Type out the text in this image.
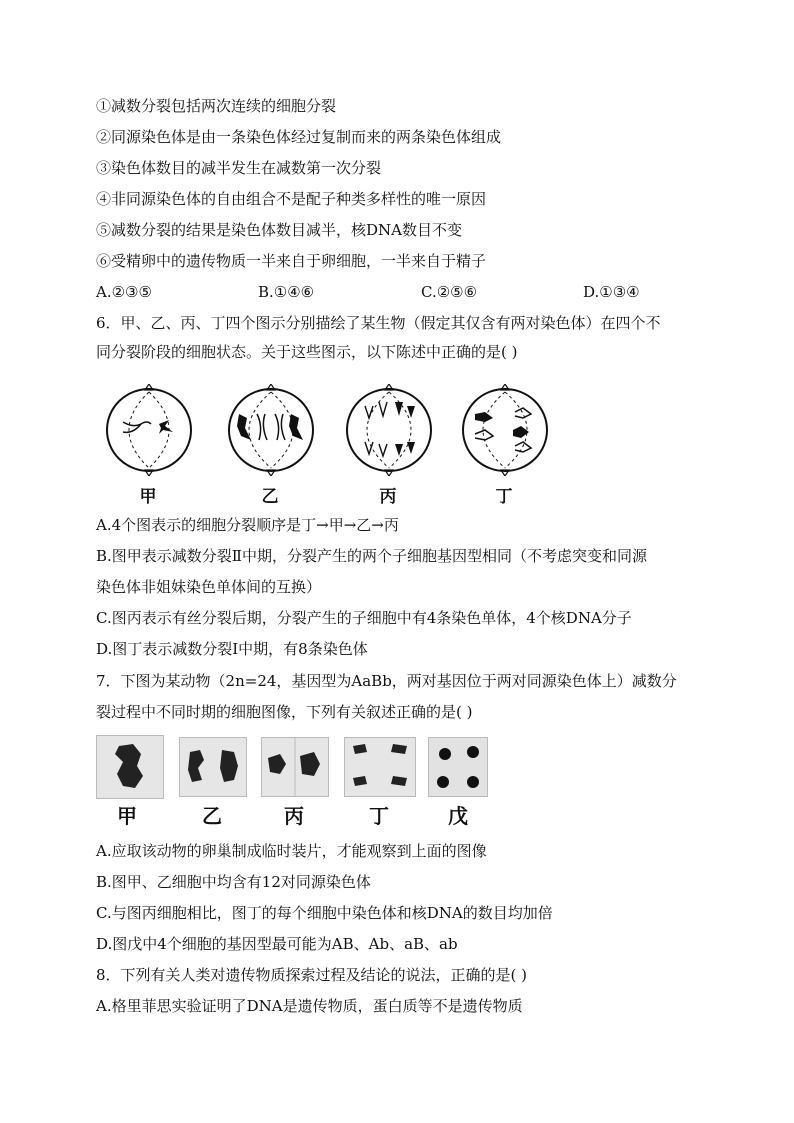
①减数分裂包括两次连续的细胞分裂
②同源染色体是由一条染色体经过复制而来的两条染色体组成
③染色体数目的减半发生在减数第一次分裂
④非同源染色体的自由组合不是配子种类多样性的唯一原因
⑤减数分裂的结果是染色体数目减半，核DNA数目不变
⑥受精卵中的遗传物质一半来自于卵细胞，一半来自于精子
A.②③⑤	B.①④⑥	C.②⑤⑥	D.①③④
6．甲、乙、丙、丁四个图示分别描绘了某生物（假定其仅含有两对染色体）在四个不
同分裂阶段的细胞状态。关于这些图示，以下陈述中正确的是( )
甲	乙	丙	丁
A.4个图表示的细胞分裂顺序是丁→甲→乙→丙
B.图甲表示减数分裂Ⅱ中期，分裂产生的两个子细胞基因型相同（不考虑突变和同源
染色体非姐妹染色单体间的互换）
C.图丙表示有丝分裂后期，分裂产生的子细胞中有4条染色单体，4个核DNA分子
D.图丁表示减数分裂I中期，有8条染色体
7．下图为某动物（2n=24，基因型为AaBb，两对基因位于两对同源染色体上）减数分
裂过程中不同时期的细胞图像，下列有关叙述正确的是( )
甲	乙	丙	丁	戊
A.应取该动物的卵巢制成临时装片，才能观察到上面的图像
B.图甲、乙细胞中均含有12对同源染色体
C.与图丙细胞相比，图丁的每个细胞中染色体和核DNA的数目均加倍
D.图戊中4个细胞的基因型最可能为AB、Ab、aB、ab
8．下列有关人类对遗传物质探索过程及结论的说法，正确的是( )
A.格里菲思实验证明了DNA是遗传物质，蛋白质等不是遗传物质
